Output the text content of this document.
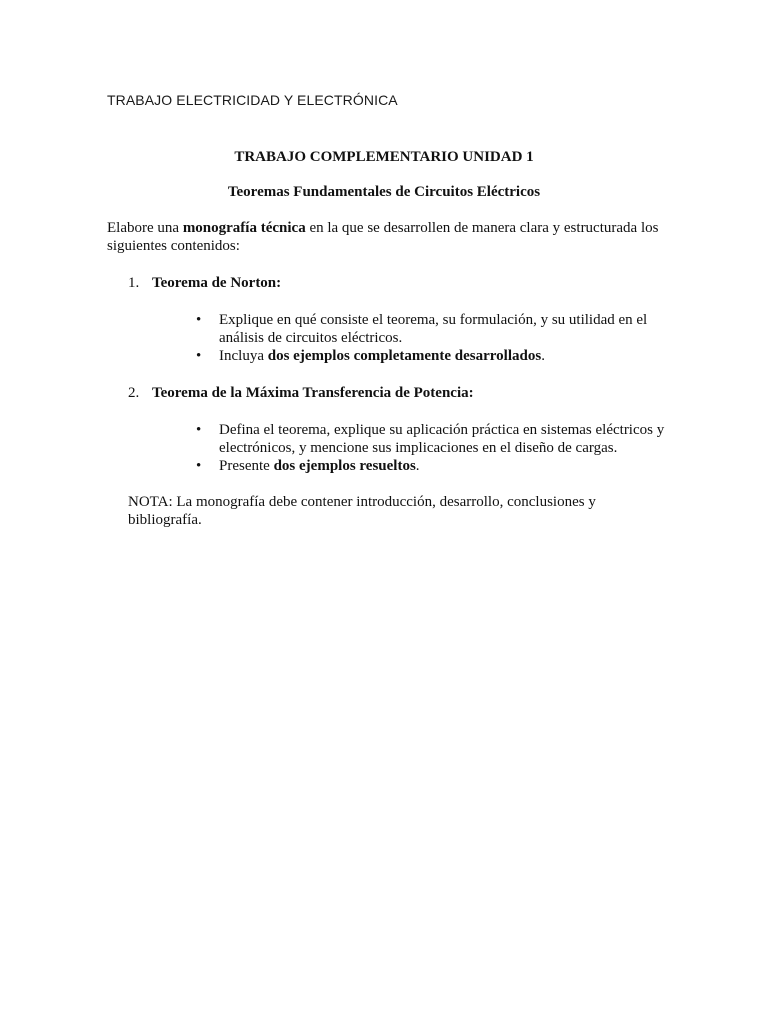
TRABAJO ELECTRICIDAD Y ELECTRÓNICA
TRABAJO COMPLEMENTARIO UNIDAD 1
Teoremas Fundamentales de Circuitos Eléctricos
Elabore una monografía técnica en la que se desarrollen de manera clara y estructurada los siguientes contenidos:
1. Teorema de Norton:
• Explique en qué consiste el teorema, su formulación, y su utilidad en el análisis de circuitos eléctricos.
• Incluya dos ejemplos completamente desarrollados.
2. Teorema de la Máxima Transferencia de Potencia:
• Defina el teorema, explique su aplicación práctica en sistemas eléctricos y electrónicos, y mencione sus implicaciones en el diseño de cargas.
• Presente dos ejemplos resueltos.
NOTA: La monografía debe contener introducción, desarrollo, conclusiones y bibliografía.
